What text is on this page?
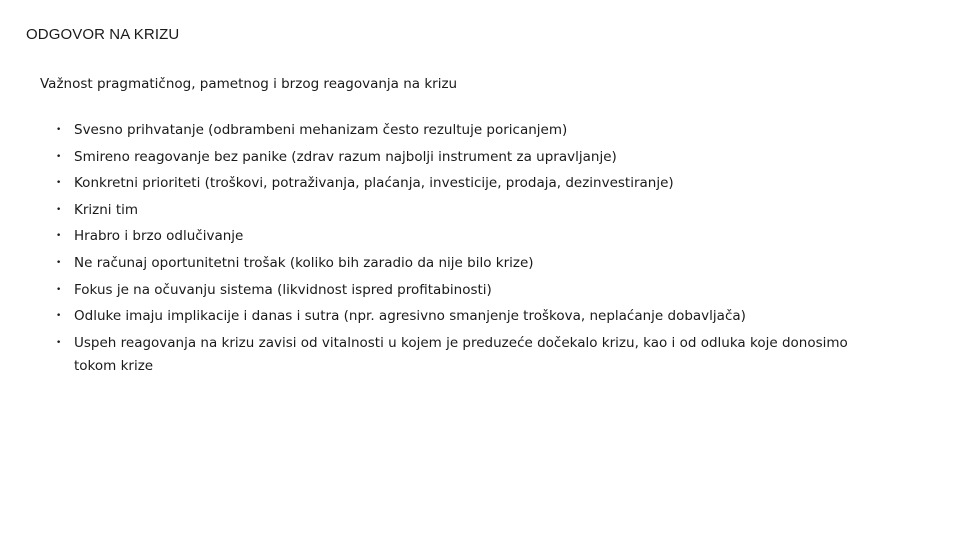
ODGOVOR NA KRIZU
Važnost pragmatičnog, pametnog i brzog reagovanja na krizu
• Svesno prihvatanje (odbrambeni mehanizam često rezultuje poricanjem)
• Smireno reagovanje bez panike (zdrav razum najbolji instrument za upravljanje)
• Konkretni prioriteti (troškovi, potraživanja, plaćanja, investicije, prodaja, dezinvestiranje)
• Krizni tim
• Hrabro i brzo odlučivanje
• Ne računaj oportunitetni trošak (koliko bih zaradio da nije bilo krize)
• Fokus je na očuvanju sistema (likvidnost ispred profitabinosti)
• Odluke imaju implikacije i danas i sutra (npr. agresivno smanjenje troškova, neplaćanje dobavljača)
• Uspeh reagovanja na krizu zavisi od vitalnosti u kojem je preduzeće dočekalo krizu, kao i od odluka koje donosimo tokom krize
